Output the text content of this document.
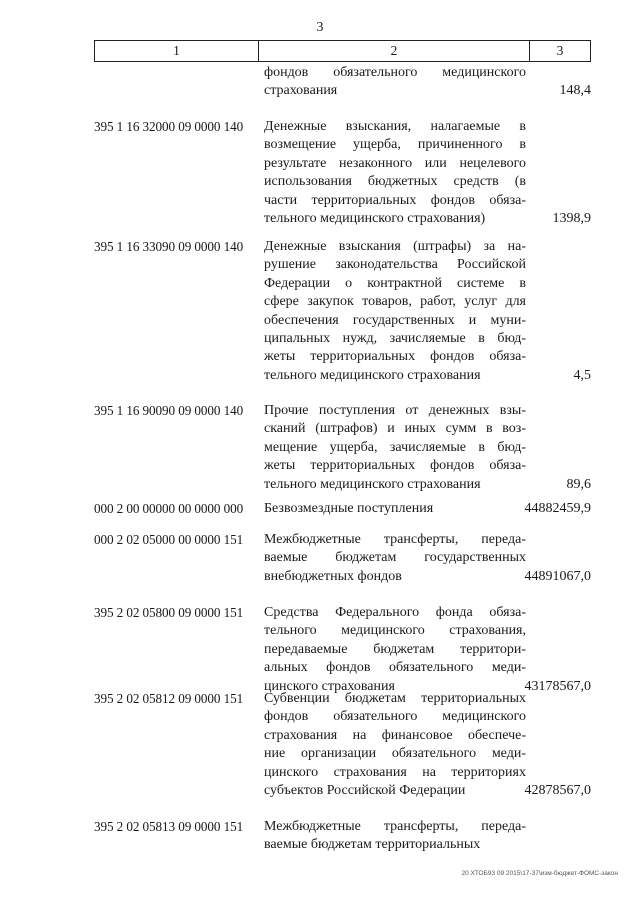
3
1	2	3
фондов обязательного медицинского
страхования	148,4
395 1 16 32000 09 0000 140	Денежные взыскания, налагаемые в
возмещение ущерба, причиненного в
результате незаконного или нецелевого
использования бюджетных средств (в
части территориальных фондов обяза-
тельного медицинского страхования)	1398,9
395 1 16 33090 09 0000 140	Денежные взыскания (штрафы) за на-
рушение законодательства Российской
Федерации о контрактной системе в
сфере закупок товаров, работ, услуг для
обеспечения государственных и муни-
ципальных нужд, зачисляемые в бюд-
жеты территориальных фондов обяза-
тельного медицинского страхования	4,5
395 1 16 90090 09 0000 140	Прочие поступления от денежных взы-
сканий (штрафов) и иных сумм в воз-
мещение ущерба, зачисляемые в бюд-
жеты территориальных фондов обяза-
тельного медицинского страхования	89,6
000 2 00 00000 00 0000 000	Безвозмездные поступления	44882459,9
000 2 02 05000 00 0000 151	Межбюджетные трансферты, переда-
ваемые бюджетам государственных
внебюджетных фондов	44891067,0
395 2 02 05800 09 0000 151	Средства Федерального фонда обяза-
тельного медицинского страхования,
передаваемые бюджетам территори-
альных фондов обязательного меди-
цинского страхования	43178567,0
395 2 02 05812 09 0000 151	Субвенции бюджетам территориальных
фондов обязательного медицинского
страхования на финансовое обеспече-
ние организации обязательного меди-
цинского страхования на территориях
субъектов Российской Федерации	42878567,0
395 2 02 05813 09 0000 151	Межбюджетные трансферты, переда-
ваемые бюджетам территориальных
20 ХТОБ93 09 2015\17-37\изм-бюджет-ФОМС-закон
